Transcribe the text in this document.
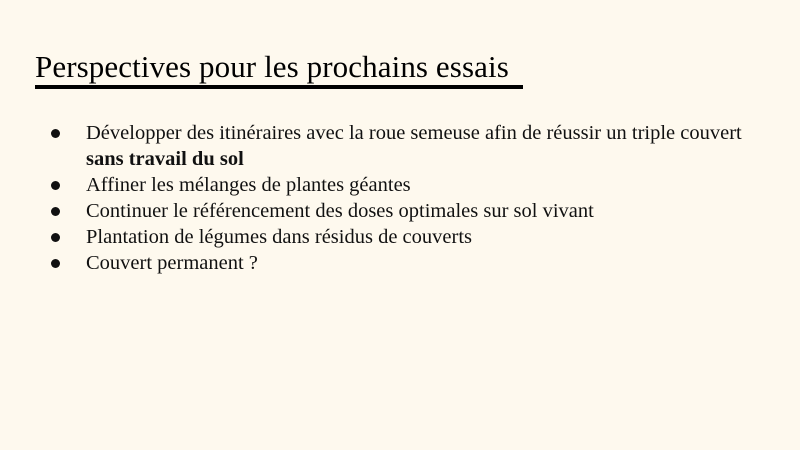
Perspectives pour les prochains essais
Développer des itinéraires avec la roue semeuse afin de réussir un triple couvert sans travail du sol
Affiner les mélanges de plantes géantes
Continuer le référencement des doses optimales sur sol vivant
Plantation de légumes dans résidus de couverts
Couvert permanent ?
